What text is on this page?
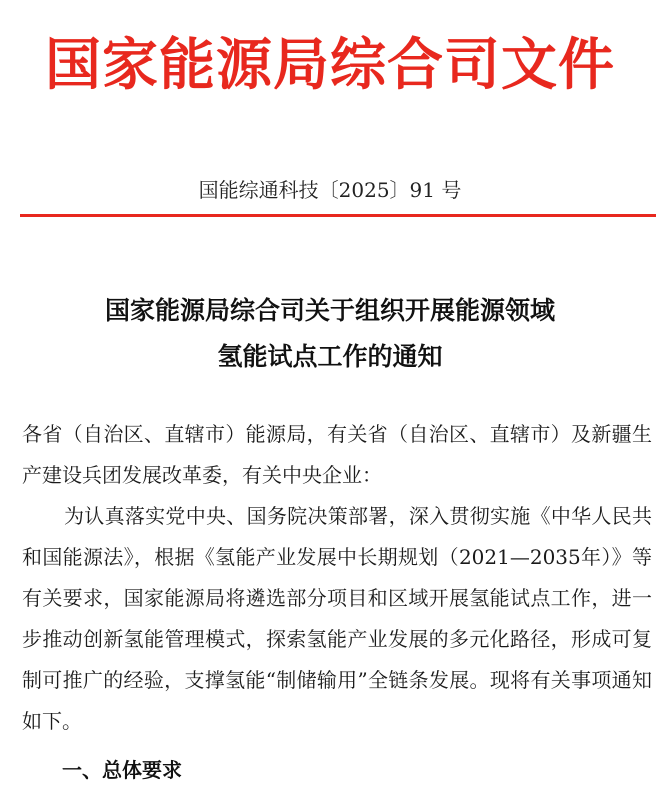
国家能源局综合司文件
国能综通科技〔2025〕91 号
国家能源局综合司关于组织开展能源领域
氢能试点工作的通知

各省（自治区、直辖市）能源局，有关省（自治区、直辖市）及新疆生产建设兵团发展改革委，有关中央企业：

为认真落实党中央、国务院决策部署，深入贯彻实施《中华人民共和国能源法》，根据《氢能产业发展中长期规划（2021—2035年）》等有关要求，国家能源局将遴选部分项目和区域开展氢能试点工作，进一步推动创新氢能管理模式，探索氢能产业发展的多元化路径，形成可复制可推广的经验，支撑氢能“制储输用”全链条发展。现将有关事项通知如下。

一、总体要求
